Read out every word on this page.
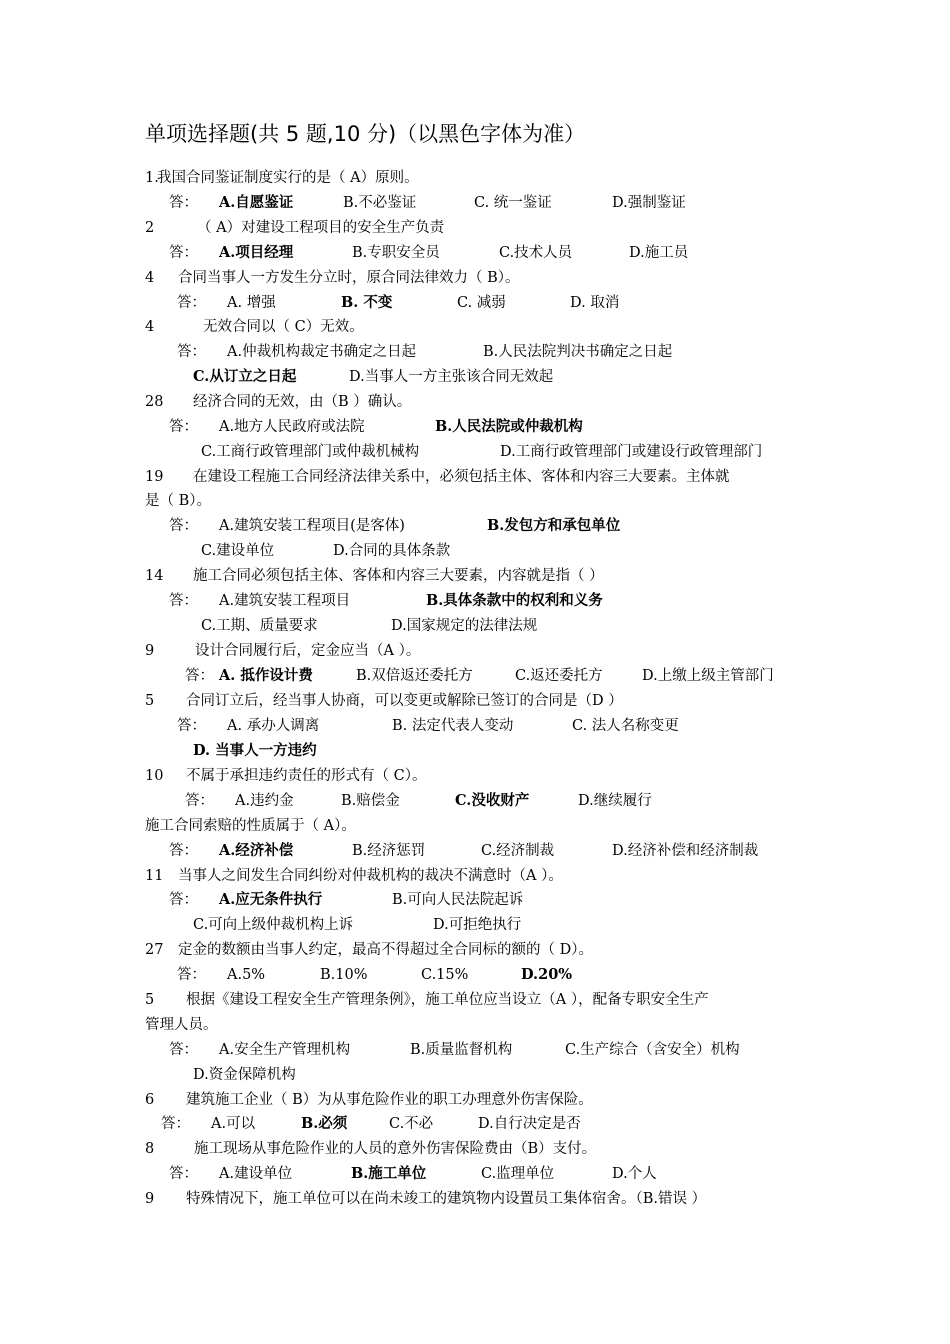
单项选择题(共 5 题,10 分)（以黑色字体为准）
1.
我国合同鉴证制度实行的是（ A）原则。
答： A.自愿鉴证	B.不必鉴证	C. 统一鉴证	D.强制鉴证
2	（ A）对建设工程项目的安全生产负责
答： A.项目经理	B.专职安全员	C.技术人员	D.施工员
4 合同当事人一方发生分立时，原合同法律效力（ B）。
答： A. 增强	B. 不变	C. 减弱	D. 取消
4	无效合同以（ C）无效。
答： A.仲裁机构裁定书确定之日起	B.人民法院判决书确定之日起
C.从订立之日起	D.当事人一方主张该合同无效起
28 经济合同的无效，由（B ）确认。
答： A.地方人民政府或法院	B.人民法院或仲裁机构
C.工商行政管理部门或仲裁机械构	D.工商行政管理部门或建设行政管理部门
19 在建设工程施工合同经济法律关系中，必须包括主体、客体和内容三大要素。主体就
是（ B）。
答： A.建筑安装工程项目(是客体)	B.发包方和承包单位
C.建设单位	D.合同的具体条款
14 施工合同必须包括主体、客体和内容三大要素，内容就是指（ ）
答： A.建筑安装工程项目	B.具体条款中的权利和义务
C.工期、质量要求	D.国家规定的法律法规
9	设计合同履行后，定金应当（A ）。
答： A. 抵作设计费	B.双倍返还委托方	C.返还委托方	D.上缴上级主管部门
5 合同订立后，经当事人协商，可以变更或解除已签订的合同是（D ）
答： A. 承办人调离	B. 法定代表人变动	C. 法人名称变更
D. 当事人一方违约
10 不属于承担违约责任的形式有（ C）。
答： A.违约金	B.赔偿金	C.没收财产	D.继续履行
施工合同索赔的性质属于（ A）。
答： A.经济补偿	B.经济惩罚	C.经济制裁	D.经济补偿和经济制裁
11 当事人之间发生合同纠纷对仲裁机构的裁决不满意时（A ）。
答： A.应无条件执行	B.可向人民法院起诉
C.可向上级仲裁机构上诉	D.可拒绝执行
27 定金的数额由当事人约定，最高不得超过全合同标的额的（ D）。
答： A.5%	B.10%	C.15%	D.20%
5 根据《建设工程安全生产管理条例》，施工单位应当设立（A ），配备专职安全生产
管理人员。
答： A.安全生产管理机构	B.质量监督机构	C.生产综合（含安全）机构
D.资金保障机构
6 建筑施工企业（ B）为从事危险作业的职工办理意外伤害保险。
答： A.可以	B.必须	C.不必	D.自行决定是否
8	施工现场从事危险作业的人员的意外伤害保险费由（B）支付。
答： A.建设单位	B.施工单位	C.监理单位	D.个人
9 特殊情况下，施工单位可以在尚未竣工的建筑物内设置员工集体宿舍。（B.错误 ）
